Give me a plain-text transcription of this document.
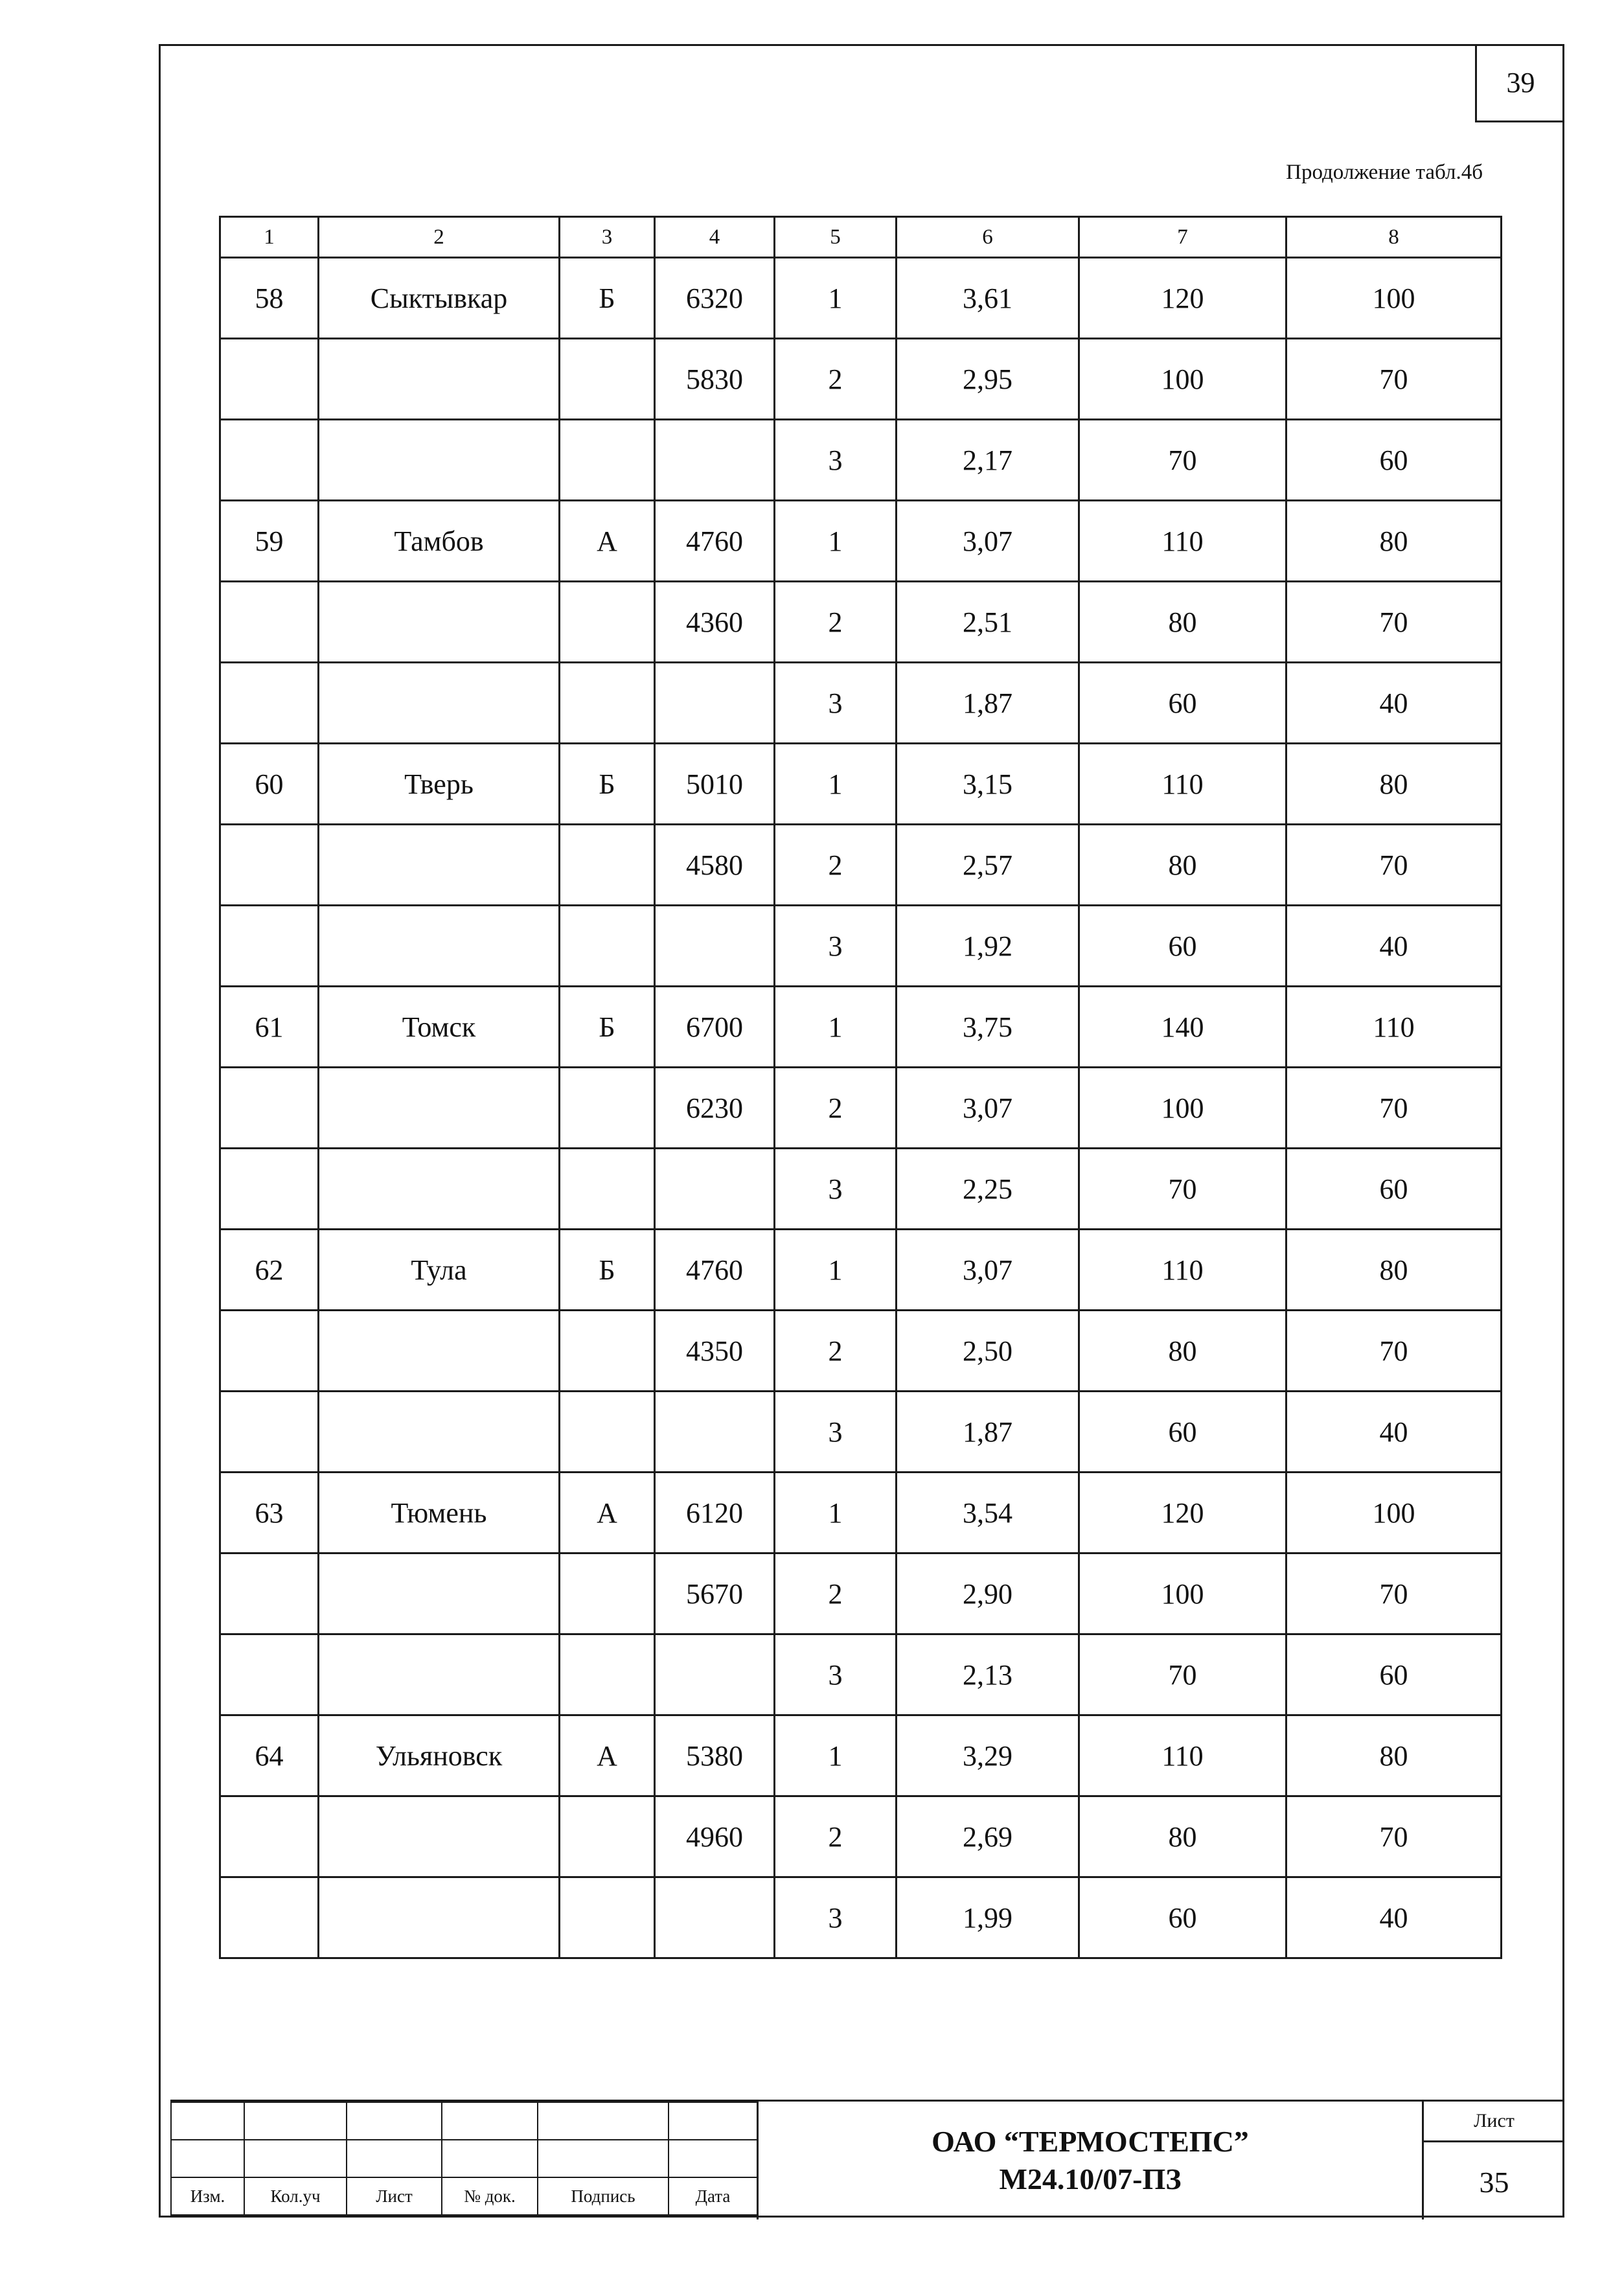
39
Продолжение табл.4б
1	2	3	4	5	6	7	8
58	Сыктывкар	Б	6320	1	3,61	120	100
			5830	2	2,95	100	70
				3	2,17	70	60
59	Тамбов	А	4760	1	3,07	110	80
			4360	2	2,51	80	70
				3	1,87	60	40
60	Тверь	Б	5010	1	3,15	110	80
			4580	2	2,57	80	70
				3	1,92	60	40
61	Томск	Б	6700	1	3,75	140	110
			6230	2	3,07	100	70
				3	2,25	70	60
62	Тула	Б	4760	1	3,07	110	80
			4350	2	2,50	80	70
				3	1,87	60	40
63	Тюмень	А	6120	1	3,54	120	100
			5670	2	2,90	100	70
				3	2,13	70	60
64	Ульяновск	А	5380	1	3,29	110	80
			4960	2	2,69	80	70
				3	1,99	60	40

Изм.	Кол.уч	Лист	№ док.	Подпись	Дата
ОАО “ТЕРМОСТЕПС”
М24.10/07-ПЗ
Лист
35
